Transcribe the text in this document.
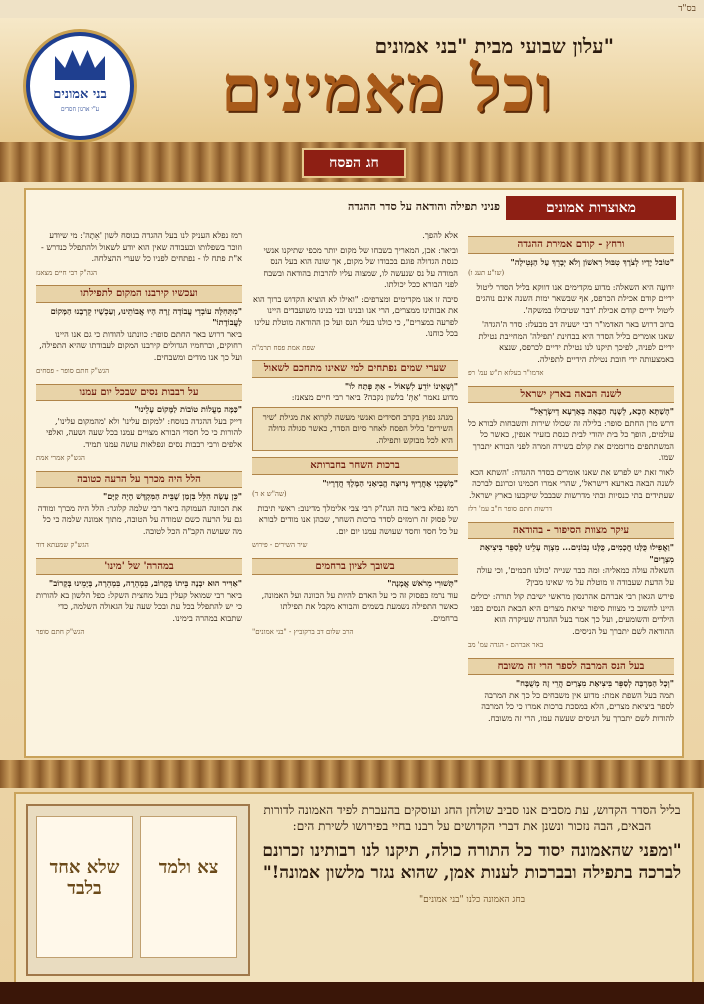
בס"ד
בני אמונים
ע"י ארגון חסדים
עלון שבועי מבית "בני אמונים"
וכל מאמינים
חג הפסח
מאוצרות אמונים
פניני תפילה והודאה על סדר ההגדה
ורחץ - קודם אמירת ההגדה
"טוֹבל יָדָיו לְצֹרֶךְ טִבּוּל רִאשׁוֹן וְלֹא יְבָרֵךְ עַל הַנְּטִילָה"
(שו"ע תעג ו)
יִדוּעָה היא השאלה: מדוע מקדימים אנו דווקא בליל הסדר ליטול ידיים קודם אכילת הכרפס, אף שבשאר ימות השנה אינם נוהגים ליטול ידיים קודם אכילת 'דבר שטיבולו במשקה'.
ברוב דרוש באר האדמו"ר רבי ישעיה דב מבעלז: סדר ה'הגדה' שאנו אומרים בליל הסדר היא בבחינת 'תפילה' המחייבת נטילת ידיים לפניה, לפיכך תיקנו לנו נטילת ידיים לכרפס, שנצא באמצעותה ידי חובת נטילת הידיים לתפילה.
אדמו"ר בעלזא ת"ש עמ' רפ
לשנה הבאה בארץ ישראל
"הָשַׁתָּא הָכָא, לְשָׁנָה הַבָּאָה בְּאַרְעָא דְיִשְׂרָאֵל"
דרש מרן החתם סופר: בלילה זה שכולו שירות ותשבחות לבורא כל עולמים, הופך כל בית יהודי לבית כנסת בזעיר אנפין, כאשר כל המשתתפים מרוממים את קולם בשירה וזמרה לפני הבורא יתברך שמו.
לאור זאת יש לפרש את שאנו אומרים בסדר ההגדה: 'השתא הכא לשנה הבאה בארעא דישראל', שהרי אמרו חכמינו זכרונם לברכה שעתידים בתי כנסיות ובתי מדרשות שבבבל שיקבעו בארץ ישראל.
דרשות חתם סופר ח"ב עמ' רלז
עיקר מצוות הסיפור - בהודאה
"וַאֲפִילוּ כֻּלָּנוּ חֲכָמִים, כֻּלָּנוּ נְבוֹנִים... מִצְוָה עָלֵינוּ לְסַפֵּר בִּיצִיאַת מִצְרָיִם"
השאלה עולה כמאליה: ומה כבר שנייה 'כולנו חכמים', וכי עולה על הדעת שעבודה זו מוטלת על מי שאינו מבין?
פירש הגאון רבי אברהם אהרנסון מראשי ישיבת קול תורה: יכולים היינו לחשוב כי מצוות סיפור יציאת מצרים היא הבאת הנסים בפני הילדים והשומעים, ועל כך אמר בעל ההגדה שעיקרה הוא ההודאה לשם יתברך על הניסים.
באר אברהם - הגדה עמ' מב
בעל הנס המרבה לספר הרי זה משובח
"וְכָל הַמַּרְבֶּה לְסַפֵּר בִּיצִיאַת מִצְרַיִם הֲרֵי זֶה מְשֻׁבָּח"
תמה בעל השפת אמת: מדוע אין משבחים כל כך את המרבה לספר ביציאת מצרים, הלא במסכת ברכות אמרו כי כל המרבה להודות לשם יתברך על הניסים שעשה עמו, הרי זה משובח.
אלא להפך.
וביאר: אכן, המאריך בשבחו של מקום יותר מכפי שתיקנו אנשי כנסת הגדולה פוגם בכבודו של מקום, אך שונה הוא בעל הנס המודה על נס שנעשה לו, שמצוה עליו להרבות בהודאה ובשבח לפני הבורא ככל יכולתו.
סיבה זו אנו מקדימים ומצרפים: "ואילו לא הוציא הקדוש ברוך הוא את אבותינו ממצרים, הרי אנו ובנינו ובני בנינו משועבדים היינו לפרעה במצרים", כי כולנו בעלי הנס ועל כן ההודאה מוטלת עלינו בכל כוחנו.
שפת אמת פסח תרמ"ה
שערי שמים נפתחים למי שאינו מתחכם לשאול
"וְשֶׁאֵינוֹ יוֹדֵעַ לִשְׁאוֹל - אַתְּ פְּתַח לוֹ"
מדוע נאמר 'אַתְּ' בלשון נקבה? ביאר רבי חיים מצאנז:
מנהג נפוץ בקרב חסידים ואנשי מעשה לקרוא את מגילת 'שיר השירים' בליל הפסח לאחר סיום הסדר, כאשר סגולה גדולה היא לכל מבוקש ותפילה.
ברכות השחר בחברותא
"מָשְׁכֵנִי אַחֲרֶיךָ נָּרוּצָה הֱבִיאַנִי הַמֶּלֶךְ חֲדָרָיו"
(שה"ש א ד)
רמז נפלא ביאר בזה הגה"ק רבי צבי אלימלך מדינוב: ראשי תיבות של פסוק זה רומזים לסדר ברכות השחר, שבהן אנו מודים לבורא על כל חסד וחסד שעושה עמנו יום יום.
שיר השירים - פירוש
בשובך לציון ברחמים
"תָּשׁוּרִי מֵרֹאשׁ אֲמָנָה"
עוד נרמז בפסוק זה כי על האדם להיות על הכוונה ועל האמונה, כאשר התפילה נשמעת בשמים והבורא מקבל את תפילתו ברחמים.
הרב שלום דב ברקוביץ - "בני אמונים"
רמז נפלא העניק לנו בעל ההגדה בנוסח לשון 'אֵתָה': מי שיודע וזוכר בשפלותו ובעבודה שאין הוא יודע לשאול ולהתפלל כנדרש - א"ת פתח לו - נפתחים לפניו כל שערי ההצלחה.
הגה"ק רבי חיים מצאנז
ועכשיו קירבנו המקום לתפילתו
"מִתְּחִלָּה עוֹבְדֵי עֲבוֹדָה זָרָה הָיוּ אֲבוֹתֵינוּ, וְעַכְשָׁיו קֵרְבָנוּ הַמָּקוֹם לַעֲבוֹדָתוֹ"
ביאר דרוש באר החתם סופר: כוונתנו להודות כי גם אנו היינו רחוקים, וברחמיו הגדולים קירבנו המקום לעבודתו שהיא התפילה, ועל כך אנו מודים ומשבחים.
הגש"ק חתם סופר - פסחים
על רבבות נסים שבכל יום עמנו
"כַּמָּה מַעֲלוֹת טוֹבוֹת לַמָּקוֹם עָלֵינוּ"
דייק בעל ההגדה בנוסח: 'למקום עלינו' ולא 'מהמקום עלינו', להורות כי כל חסדי הבורא מצויים עמנו בכל שעה ושעה, ואלפי אלפים ורבי רבבות נסים ונפלאות עושה עמנו תמיד.
הגש"ק אמרי אמת
הלל היה מכרך על הרעה כטובה
"כֵּן עָשָׂה הִלֵּל בִּזְמַן שֶׁבֵּית הַמִּקְדָּשׁ הָיָה קַיָּם"
את הכוונה העמוקה ביאר רבי שלמה קלוגר: הלל היה מכרך ומודה גם על הרעה כשם שמודה על הטובה, מתוך אמונה שלמה כי כל מה שעושה הקב"ה הכל לטובה.
הגש"ק שמעתא דוד
במהרה' של 'מינו'
"אַדִּיר הוּא יִבְנֶה בֵּיתוֹ בְּקָרוֹב, בִּמְהֵרָה, בִּמְהֵרָה, בְּיָמֵינוּ בְּקָרוֹב"
ביאר רבי שמואל קעלין בעל מחצית השקל: כפל הלשון בא להורות כי יש להתפלל בכל עת ובכל שעה על הגאולה השלמה, כדי שתבוא במהרה בימינו.
הגש"ק חתם סופר
שלא אחד בלבד
צא ולמד
בליל הסדר הקדוש, עת מסבים אנו סביב שולחן החג ועוסקים בהעברת לפיד האמונה לדורות הבאים, הבה נזכור ונשנן את דברי הקדושים על רבנו בחיי בפירושו לשירת הים:
"ומפני שהאמונה יסוד כל התורה כולה, תיקנו לנו רבותינו זכרונם לברכה בתפילה ובברכות לענות אמן, שהוא נגזר מלשון אמונה!"
בחג האמונה כלנו "בני אמונים"
